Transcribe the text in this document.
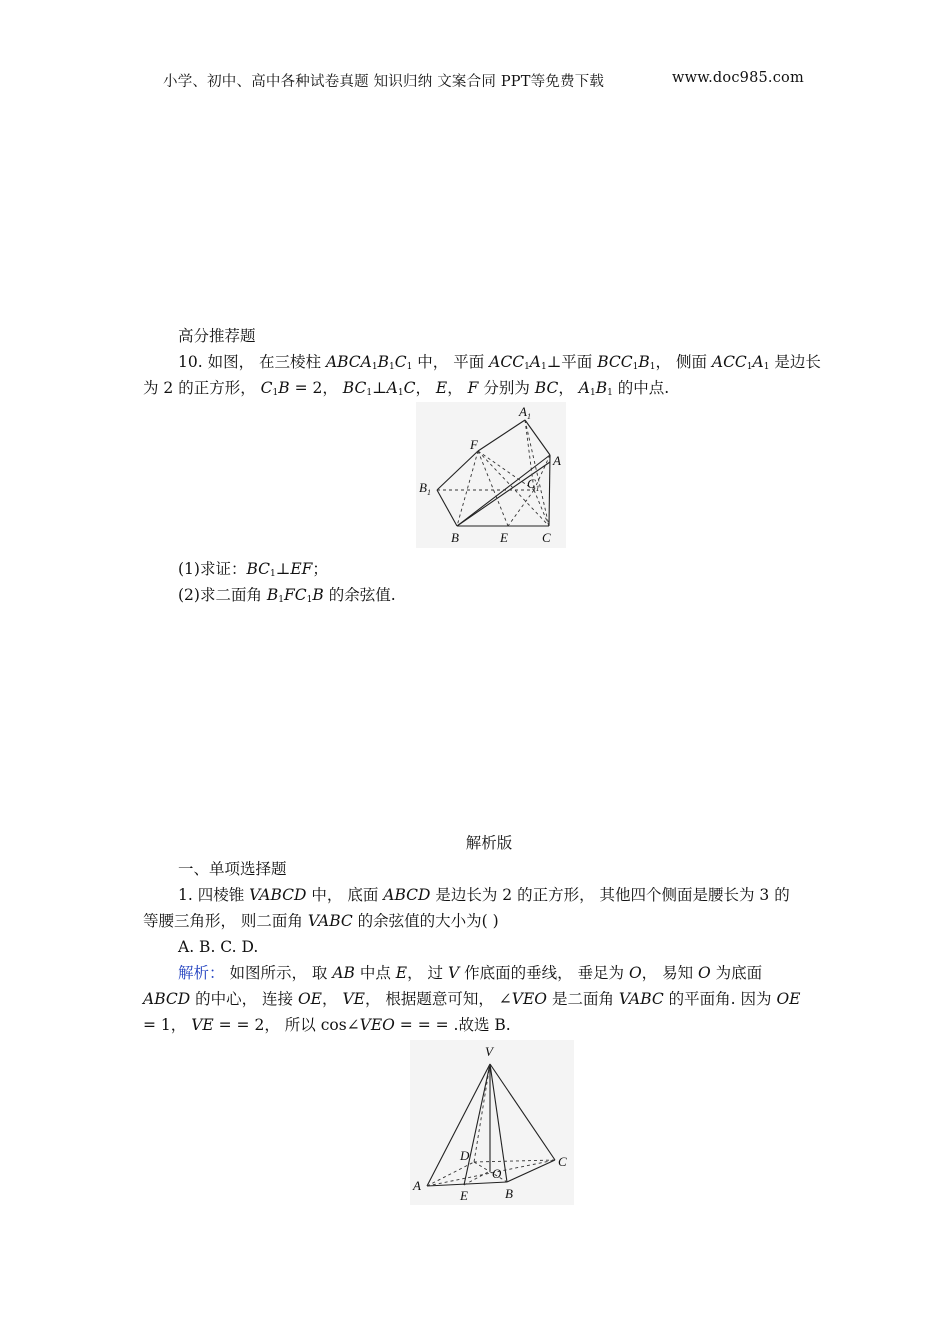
小学、初中、高中各种试卷真题 知识归纳 文案合同 PPT等免费下载	www.doc985.com
高分推荐题
10. 如图， 在三棱柱 $ABCA_1B_1C_1$ 中， 平面 $ACC_1A_1\perp$平面 $BCC_1B_1$， 侧面 $ACC_1A_1$ 是边长
为 2 的正方形， $C_1B = 2$， $BC_1\perp A_1C$， E， F 分别为 BC， $A_1B_1$ 的中点.
$A_1$
A
F
$B_1$
$C_1$
B	E	C
(1)求证：$BC_1\perp EF$；
(2)求二面角 $B_1FC_1B$ 的余弦值.
解析版
一、单项选择题
1. 四棱锥 VABCD 中， 底面 ABCD 是边长为 2 的正方形， 其他四个侧面是腰长为 3 的
等腰三角形， 则二面角 VABC 的余弦值的大小为( )
A. B. C. D.
解析： 如图所示， 取 AB 中点 E， 过 V 作底面的垂线， 垂足为 O， 易知 O 为底面
ABCD 的中心， 连接 OE， VE， 根据题意可知， ∠VEO 是二面角 VABC 的平面角. 因为 OE
= 1， VE = = 2， 所以 cos∠VEO = = = .故选 B.
V
D
O
C
A
E	B
